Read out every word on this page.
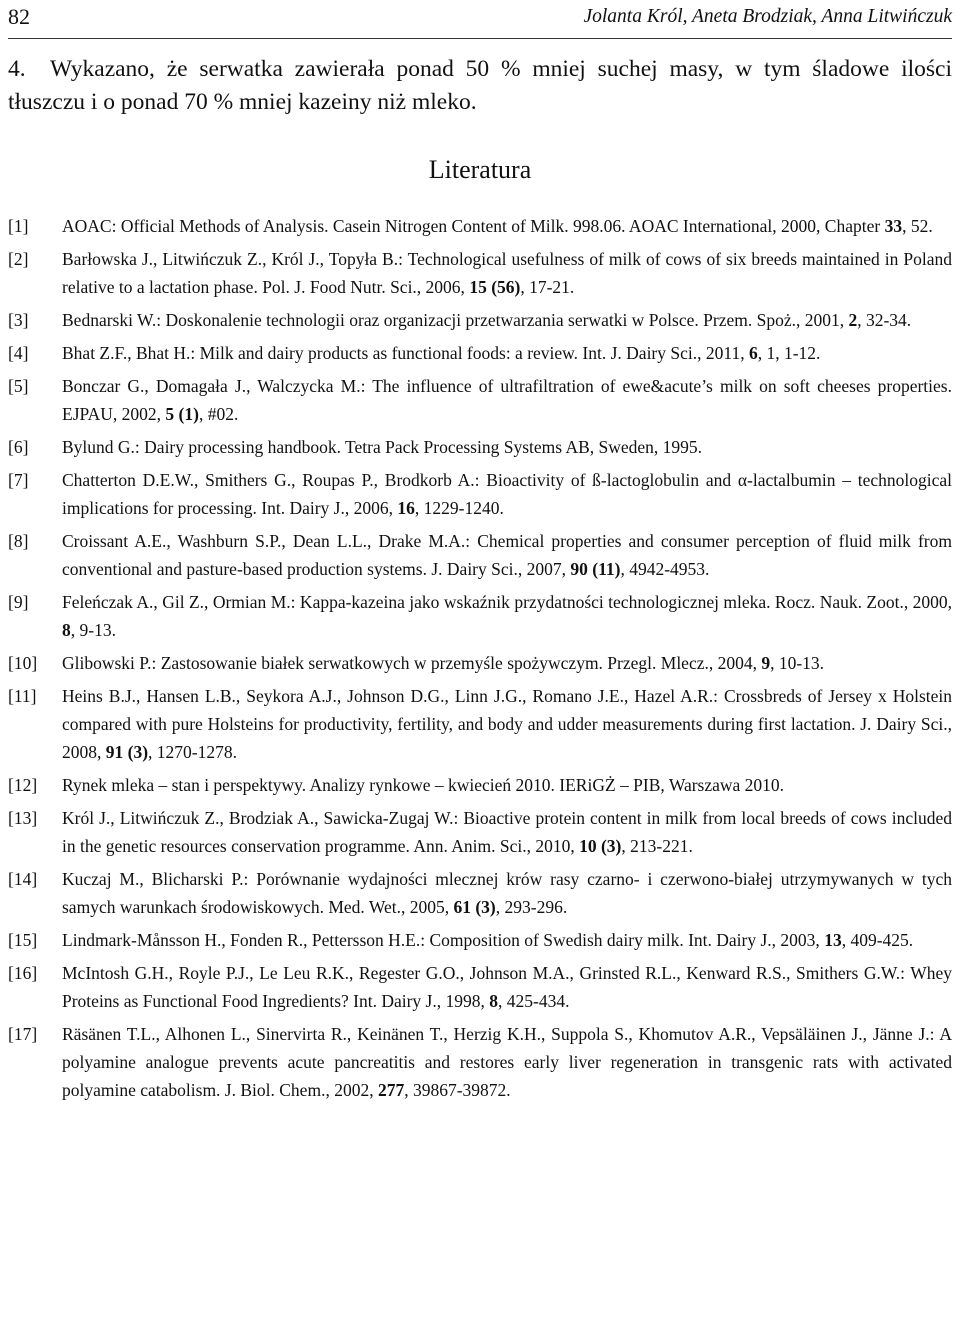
82	Jolanta Król, Aneta Brodziak, Anna Litwińczuk

4. Wykazano, że serwatka zawierała ponad 50 % mniej suchej masy, w tym śladowe ilości tłuszczu i o ponad 70 % mniej kazeiny niż mleko.

Literatura
[1]	AOAC: Official Methods of Analysis. Casein Nitrogen Content of Milk. 998.06. AOAC International, 2000, Chapter 33, 52.
[2]	Barłowska J., Litwińczuk Z., Król J., Topyła B.: Technological usefulness of milk of cows of six breeds maintained in Poland relative to a lactation phase. Pol. J. Food Nutr. Sci., 2006, 15 (56), 17-21.
[3]	Bednarski W.: Doskonalenie technologii oraz organizacji przetwarzania serwatki w Polsce. Przem. Spoż., 2001, 2, 32-34.
[4]	Bhat Z.F., Bhat H.: Milk and dairy products as functional foods: a review. Int. J. Dairy Sci., 2011, 6, 1, 1-12.
[5]	Bonczar G., Domagała J., Walczycka M.: The influence of ultrafiltration of ewe&acute’s milk on soft cheeses properties. EJPAU, 2002, 5 (1), #02.
[6]	Bylund G.: Dairy processing handbook. Tetra Pack Processing Systems AB, Sweden, 1995.
[7]	Chatterton D.E.W., Smithers G., Roupas P., Brodkorb A.: Bioactivity of ß-lactoglobulin and α-lactalbumin – technological implications for processing. Int. Dairy J., 2006, 16, 1229-1240.
[8]	Croissant A.E., Washburn S.P., Dean L.L., Drake M.A.: Chemical properties and consumer perception of fluid milk from conventional and pasture-based production systems. J. Dairy Sci., 2007, 90 (11), 4942-4953.
[9]	Feleńczak A., Gil Z., Ormian M.: Kappa-kazeina jako wskaźnik przydatności technologicznej mleka. Rocz. Nauk. Zoot., 2000, 8, 9-13.
[10]	Glibowski P.: Zastosowanie białek serwatkowych w przemyśle spożywczym. Przegl. Mlecz., 2004, 9, 10-13.
[11]	Heins B.J., Hansen L.B., Seykora A.J., Johnson D.G., Linn J.G., Romano J.E., Hazel A.R.: Crossbreds of Jersey x Holstein compared with pure Holsteins for productivity, fertility, and body and udder measurements during first lactation. J. Dairy Sci., 2008, 91 (3), 1270-1278.
[12]	Rynek mleka – stan i perspektywy. Analizy rynkowe – kwiecień 2010. IERiGŻ – PIB, Warszawa 2010.
[13]	Król J., Litwińczuk Z., Brodziak A., Sawicka-Zugaj W.: Bioactive protein content in milk from local breeds of cows included in the genetic resources conservation programme. Ann. Anim. Sci., 2010, 10 (3), 213-221.
[14]	Kuczaj M., Blicharski P.: Porównanie wydajności mlecznej krów rasy czarno- i czerwono-białej utrzymywanych w tych samych warunkach środowiskowych. Med. Wet., 2005, 61 (3), 293-296.
[15]	Lindmark-Månsson H., Fonden R., Pettersson H.E.: Composition of Swedish dairy milk. Int. Dairy J., 2003, 13, 409-425.
[16]	McIntosh G.H., Royle P.J., Le Leu R.K., Regester G.O., Johnson M.A., Grinsted R.L., Kenward R.S., Smithers G.W.: Whey Proteins as Functional Food Ingredients? Int. Dairy J., 1998, 8, 425-434.
[17]	Räsänen T.L., Alhonen L., Sinervirta R., Keinänen T., Herzig K.H., Suppola S., Khomutov A.R., Vepsäläinen J., Jänne J.: A polyamine analogue prevents acute pancreatitis and restores early liver regeneration in transgenic rats with activated polyamine catabolism. J. Biol. Chem., 2002, 277, 39867-39872.
